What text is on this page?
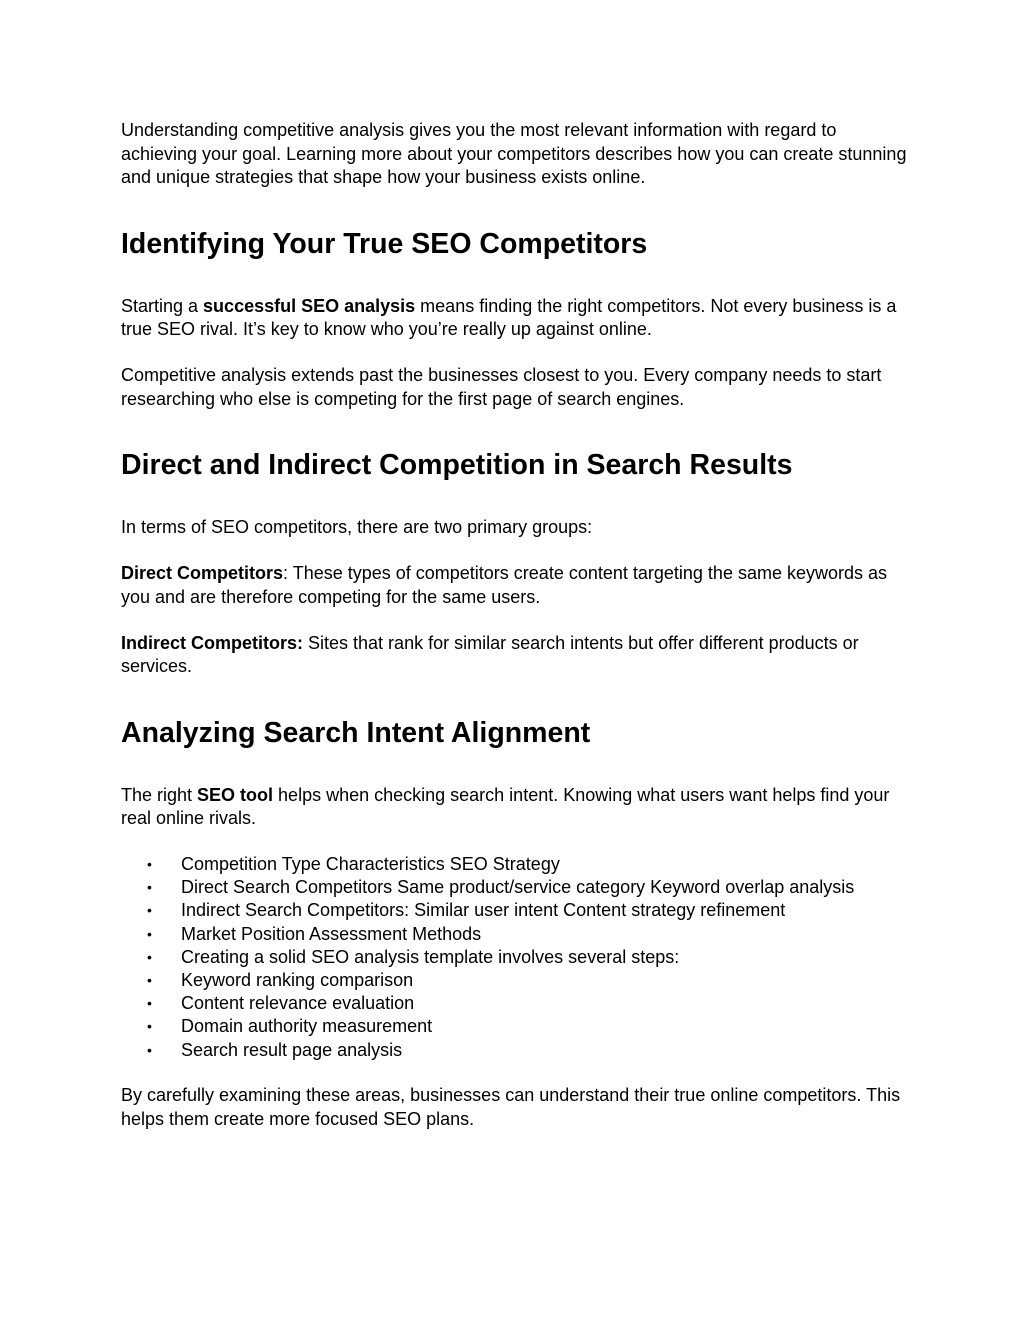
Understanding competitive analysis gives you the most relevant information with regard to achieving your goal. Learning more about your competitors describes how you can create stunning and unique strategies that shape how your business exists online.

Identifying Your True SEO Competitors

Starting a successful SEO analysis means finding the right competitors. Not every business is a true SEO rival. It’s key to know who you’re really up against online.

Competitive analysis extends past the businesses closest to you. Every company needs to start researching who else is competing for the first page of search engines.

Direct and Indirect Competition in Search Results

In terms of SEO competitors, there are two primary groups:

Direct Competitors: These types of competitors create content targeting the same keywords as you and are therefore competing for the same users.

Indirect Competitors: Sites that rank for similar search intents but offer different products or services.

Analyzing Search Intent Alignment

The right SEO tool helps when checking search intent. Knowing what users want helps find your real online rivals.

• Competition Type Characteristics SEO Strategy
• Direct Search Competitors Same product/service category Keyword overlap analysis
• Indirect Search Competitors: Similar user intent Content strategy refinement
• Market Position Assessment Methods
• Creating a solid SEO analysis template involves several steps:
• Keyword ranking comparison
• Content relevance evaluation
• Domain authority measurement
• Search result page analysis

By carefully examining these areas, businesses can understand their true online competitors. This helps them create more focused SEO plans.
